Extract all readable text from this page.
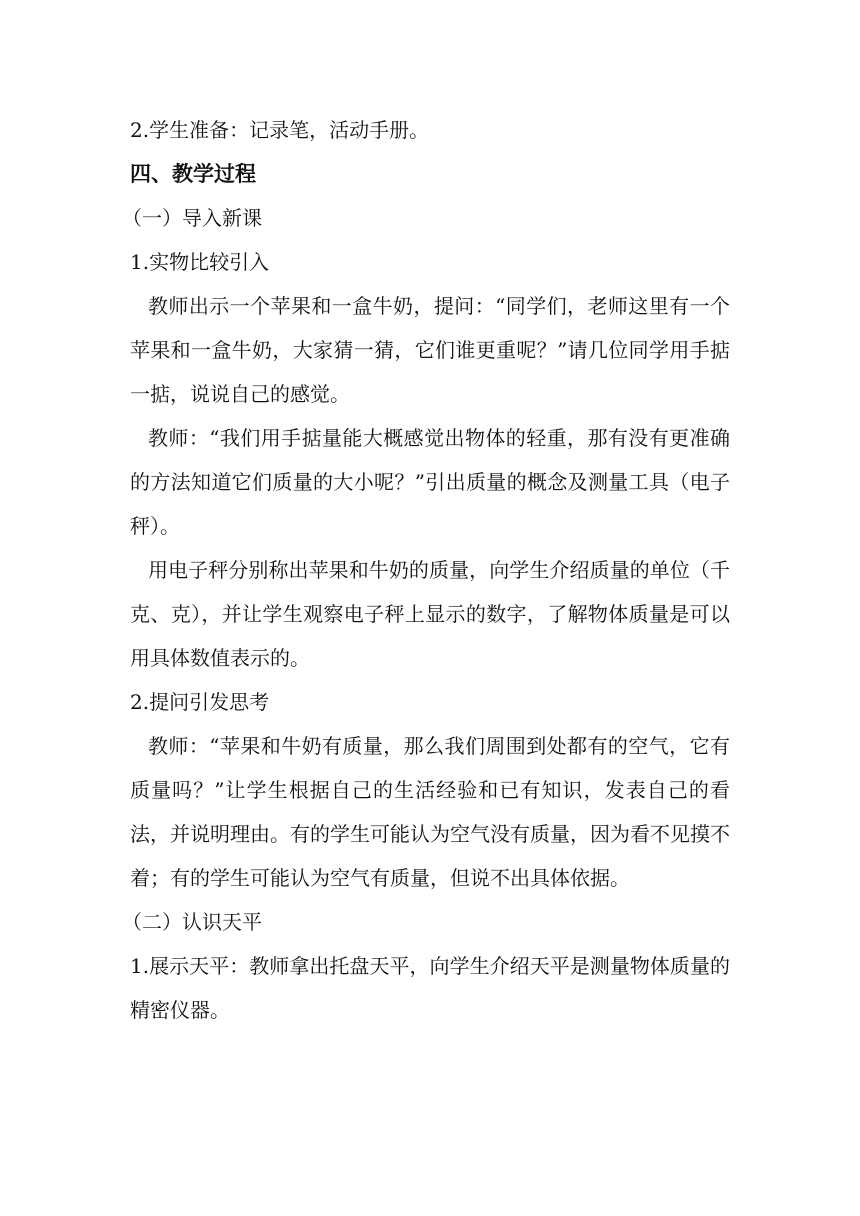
2.学生准备：记录笔，活动手册。

四、教学过程

（一）导入新课

1.实物比较引入

教师出示一个苹果和一盒牛奶，提问：“同学们，老师这里有一个苹果和一盒牛奶，大家猜一猜，它们谁更重呢？”请几位同学用手掂一掂，说说自己的感觉。

教师：“我们用手掂量能大概感觉出物体的轻重，那有没有更准确的方法知道它们质量的大小呢？”引出质量的概念及测量工具（电子秤）。

用电子秤分别称出苹果和牛奶的质量，向学生介绍质量的单位（千克、克），并让学生观察电子秤上显示的数字，了解物体质量是可以用具体数值表示的。

2.提问引发思考

教师：“苹果和牛奶有质量，那么我们周围到处都有的空气，它有质量吗？”让学生根据自己的生活经验和已有知识，发表自己的看法，并说明理由。有的学生可能认为空气没有质量，因为看不见摸不着；有的学生可能认为空气有质量，但说不出具体依据。

（二）认识天平

1.展示天平：教师拿出托盘天平，向学生介绍天平是测量物体质量的精密仪器。
